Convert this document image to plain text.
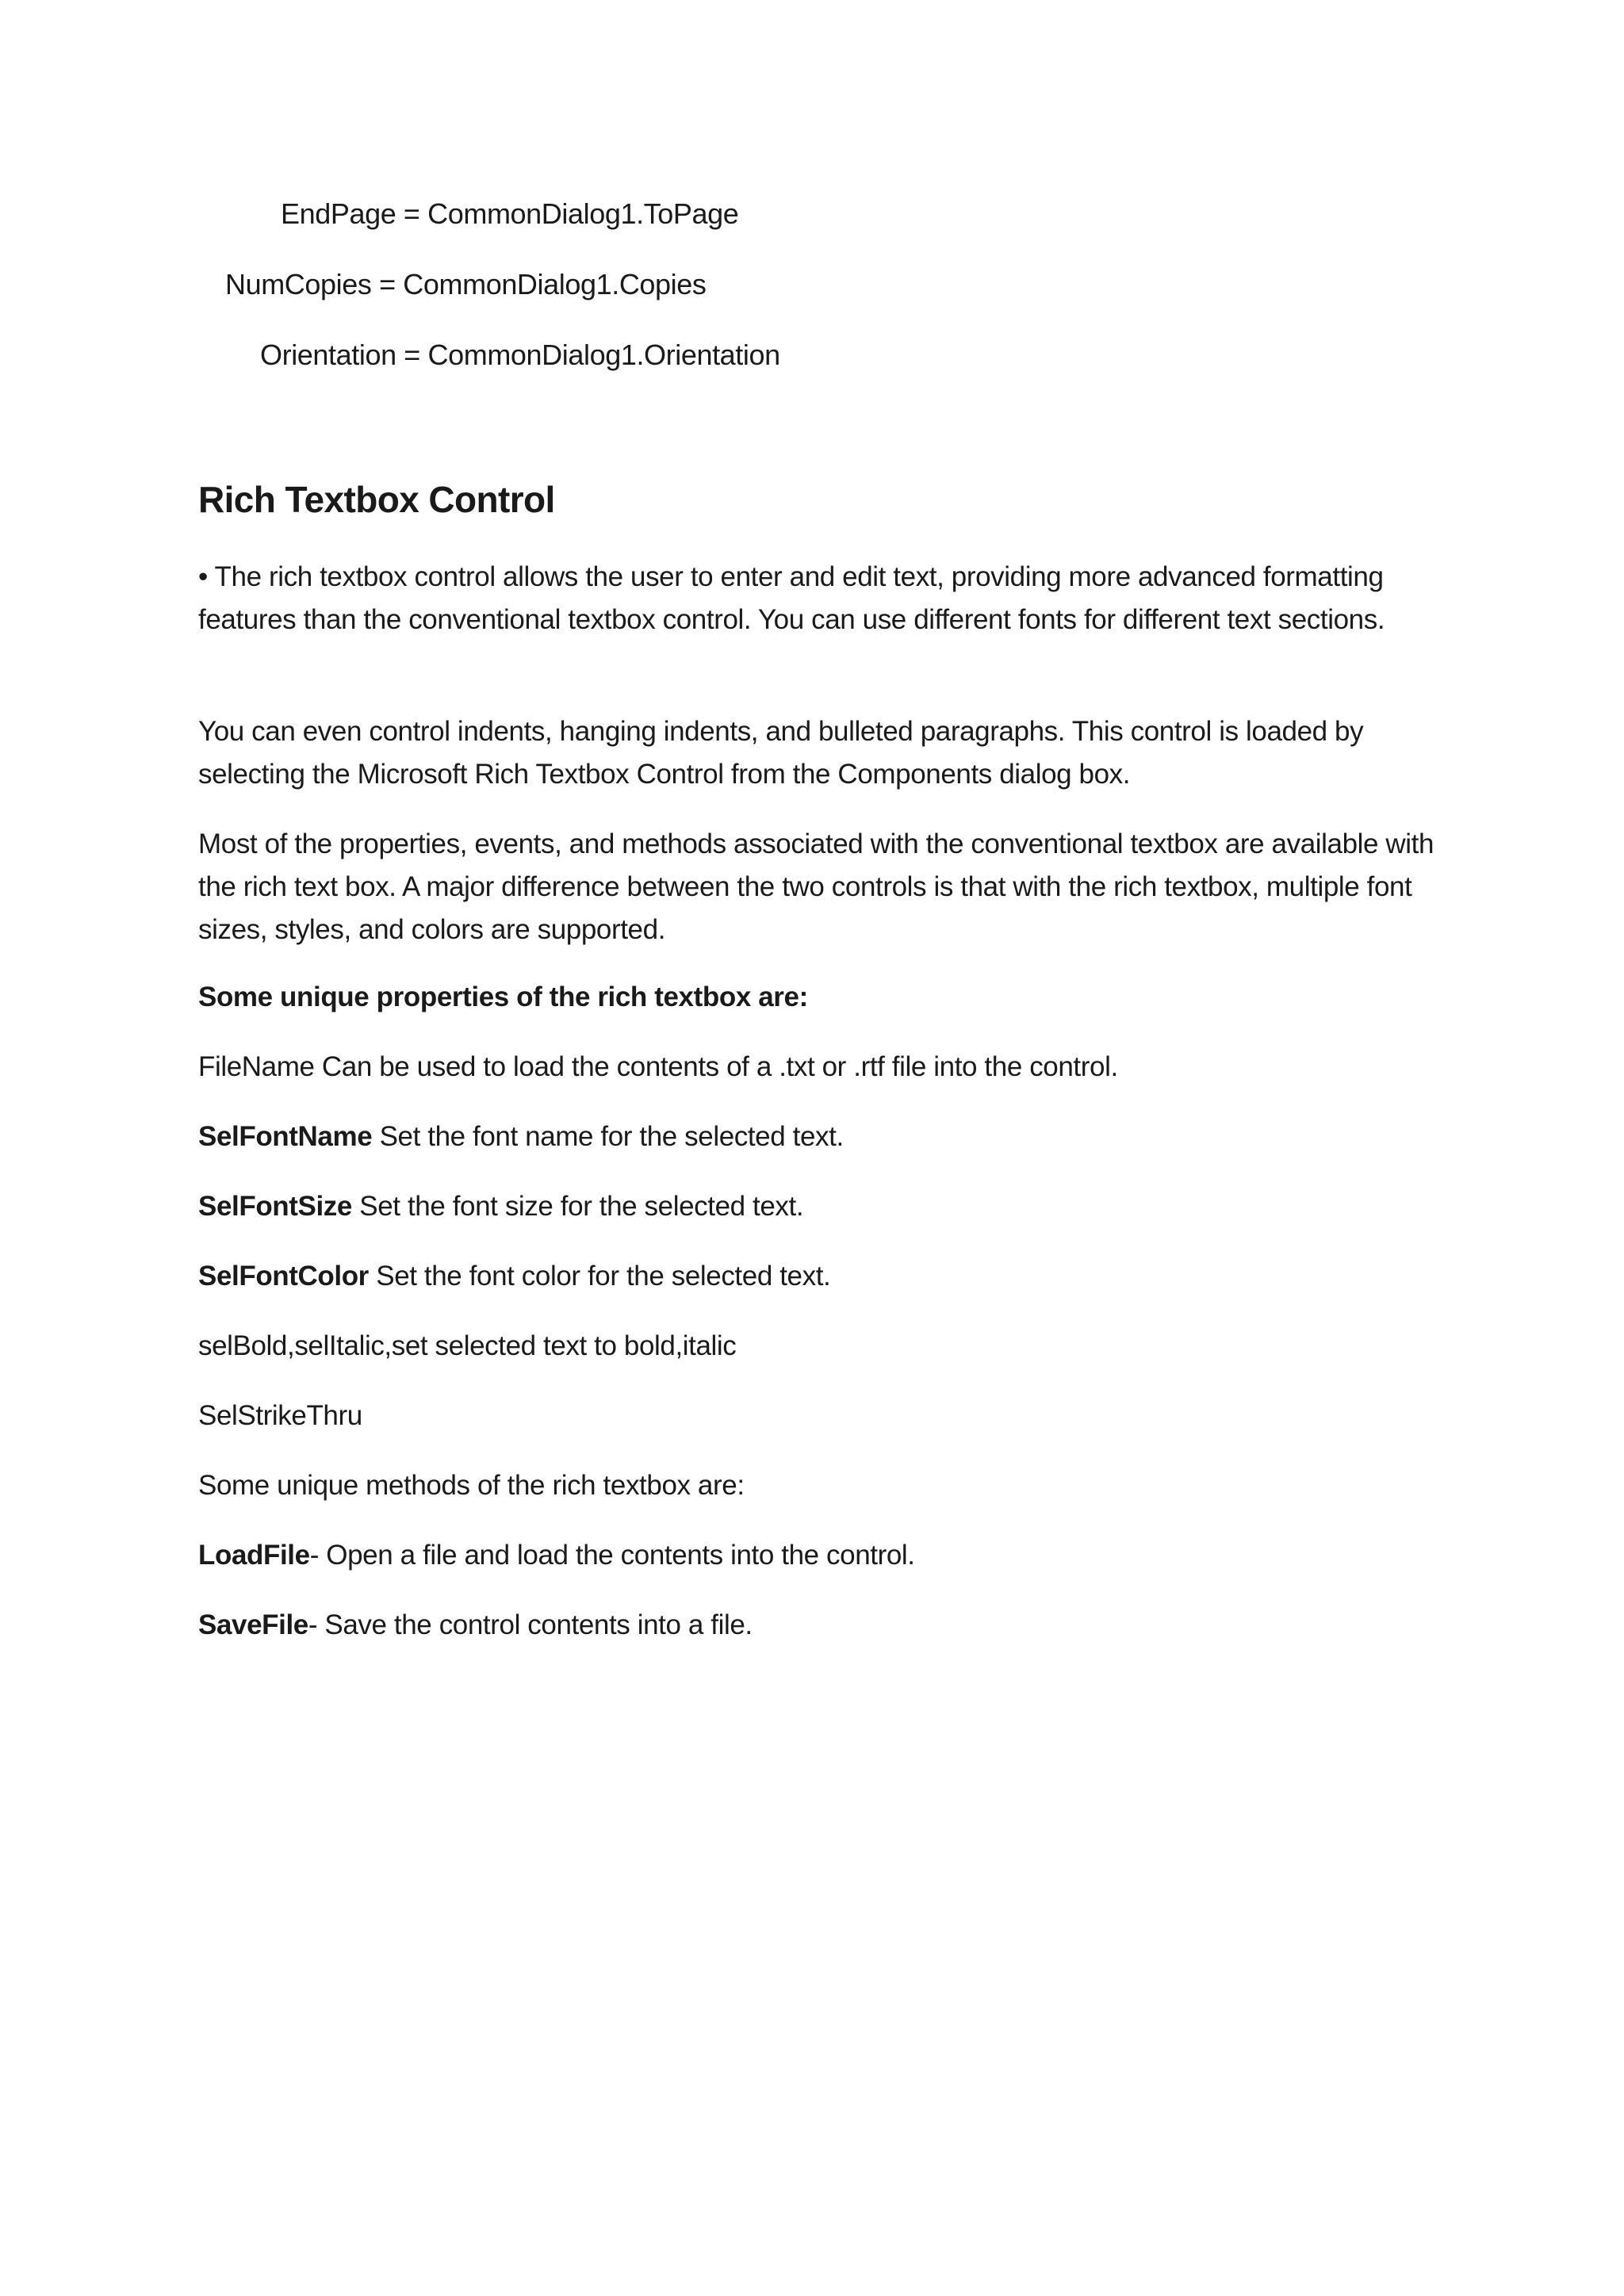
EndPage = CommonDialog1.ToPage
NumCopies = CommonDialog1.Copies
Orientation = CommonDialog1.Orientation
Rich Textbox Control

• The rich textbox control allows the user to enter and edit text, providing more advanced formatting features than the conventional textbox control. You can use different fonts for different text sections.

You can even control indents, hanging indents, and bulleted paragraphs. This control is loaded by selecting the Microsoft Rich Textbox Control from the Components dialog box.

Most of the properties, events, and methods associated with the conventional textbox are available with the rich text box. A major difference between the two controls is that with the rich textbox, multiple font sizes, styles, and colors are supported.

Some unique properties of the rich textbox are:
FileName Can be used to load the contents of a .txt or .rtf file into the control.
SelFontName Set the font name for the selected text.
SelFontSize Set the font size for the selected text.
SelFontColor Set the font color for the selected text.
selBold,selItalic,set selected text to bold,italic
SelStrikeThru
Some unique methods of the rich textbox are:
LoadFile- Open a file and load the contents into the control.
SaveFile- Save the control contents into a file.
